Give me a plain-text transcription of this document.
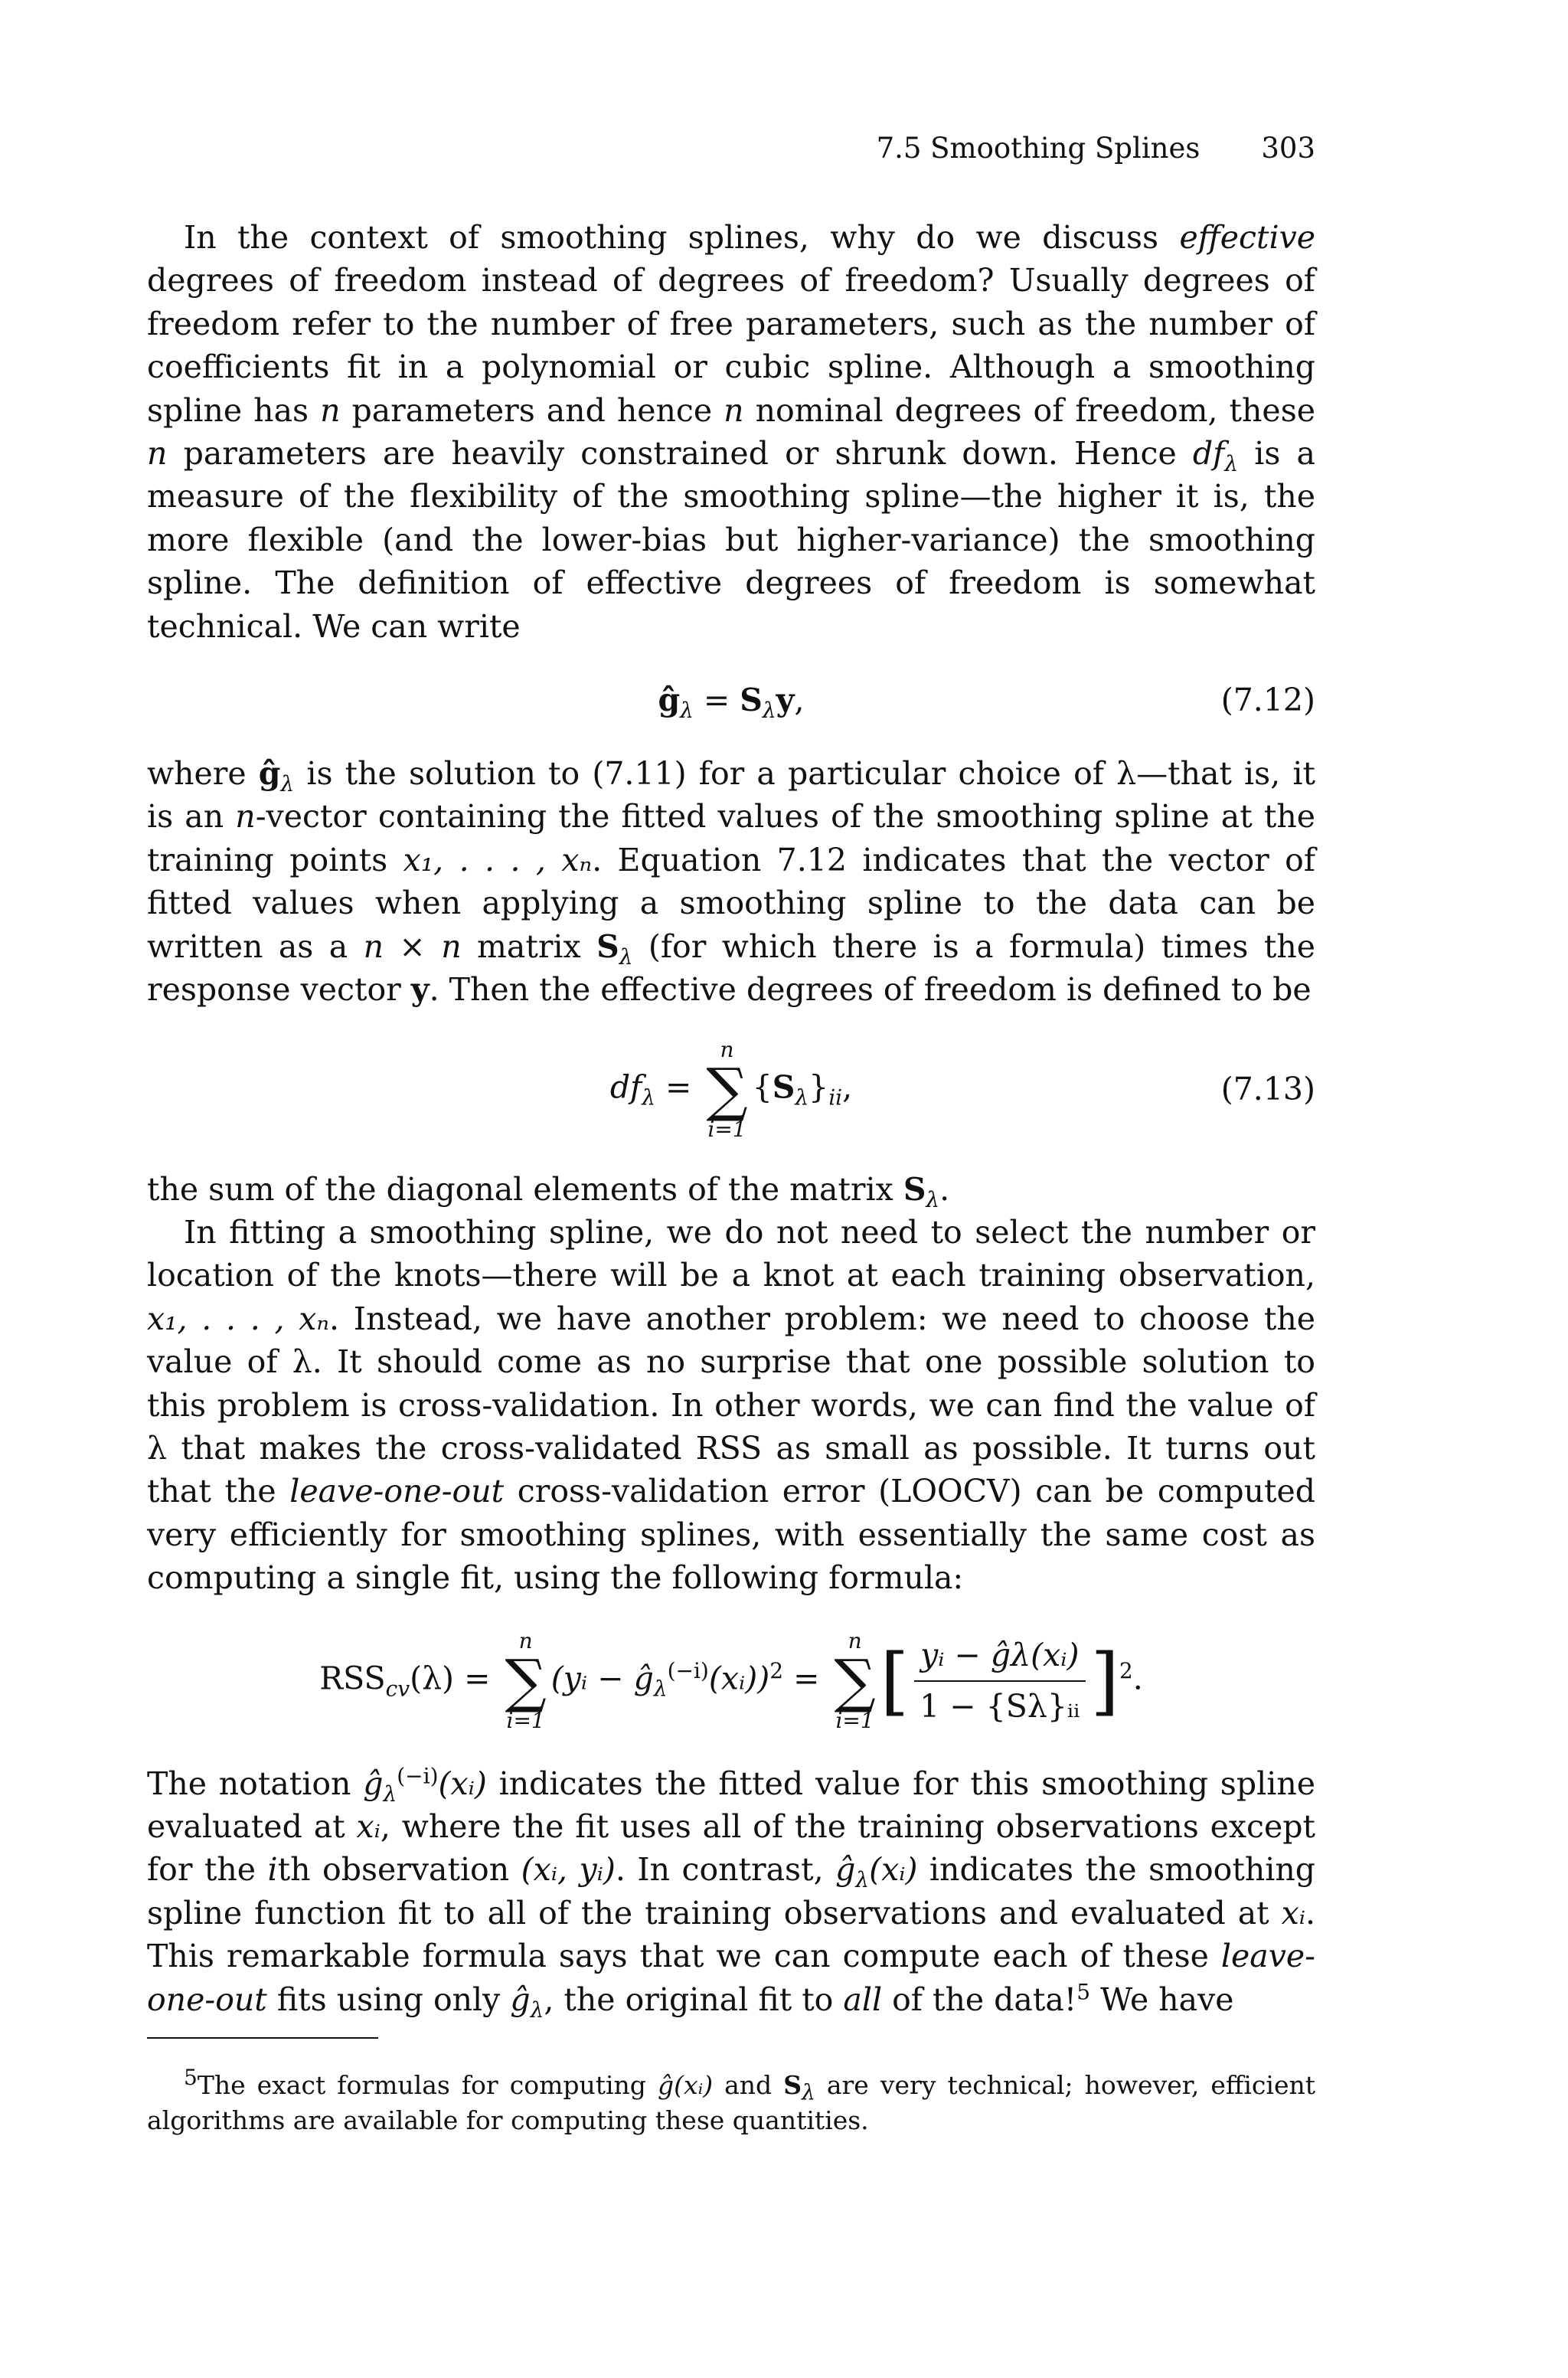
7.5 Smoothing Splines 303

In the context of smoothing splines, why do we discuss effective degrees of freedom instead of degrees of freedom? Usually degrees of freedom refer to the number of free parameters, such as the number of coefficients fit in a polynomial or cubic spline. Although a smoothing spline has n parameters and hence n nominal degrees of freedom, these n parameters are heavily constrained or shrunk down. Hence $df_\lambda$ is a measure of the flexibility of the smoothing spline—the higher it is, the more flexible (and the lower-bias but higher-variance) the smoothing spline. The definition of effective degrees of freedom is somewhat technical. We can write

$ĝ_\lambda = S_\lambda y$,	(7.12)

where $ĝ_\lambda$ is the solution to (7.11) for a particular choice of λ—that is, it is an n-vector containing the fitted values of the smoothing spline at the training points x₁, . . . , xₙ. Equation 7.12 indicates that the vector of fitted values when applying a smoothing spline to the data can be written as a n × n matrix $S_\lambda$ (for which there is a formula) times the response vector y. Then the effective degrees of freedom is defined to be

$df_\lambda$ =
n
∑
i=1
$\{S_\lambda\}_{ii}$,	(7.13)

the sum of the diagonal elements of the matrix $S_\lambda$.

In fitting a smoothing spline, we do not need to select the number or location of the knots—there will be a knot at each training observation, x₁, . . . , xₙ. Instead, we have another problem: we need to choose the value of λ. It should come as no surprise that one possible solution to this problem is cross-validation. In other words, we can find the value of λ that makes the cross-validated RSS as small as possible. It turns out that the leave-one-out cross-validation error (LOOCV) can be computed very efficiently for smoothing splines, with essentially the same cost as computing a single fit, using the following formula:

$RSS_{cv}(\lambda)$ =
n
∑
i=1
(yᵢ − $ĝ_\lambda^{(-i)}(xᵢ))^2$ =
n
∑
i=1 [ $\frac{\text{yᵢ − ĝλ(xᵢ)}}{\text{1 − \{Sλ\}ᵢᵢ}} ]^2$.

The notation $ĝ_\lambda^{(-i)}(xᵢ)$ indicates the fitted value for this smoothing spline evaluated at xᵢ, where the fit uses all of the training observations except for the ith observation (xᵢ, yᵢ). In contrast, $ĝ_\lambda(xᵢ)$ indicates the smoothing spline function fit to all of the training observations and evaluated at xᵢ. This remarkable formula says that we can compute each of these leave-one-out fits using only $ĝ_\lambda$, the original fit to all of the data!$^5$ We have

$^5$The exact formulas for computing ĝ(xᵢ) and $S_\lambda$ are very technical; however, efficient algorithms are available for computing these quantities.
